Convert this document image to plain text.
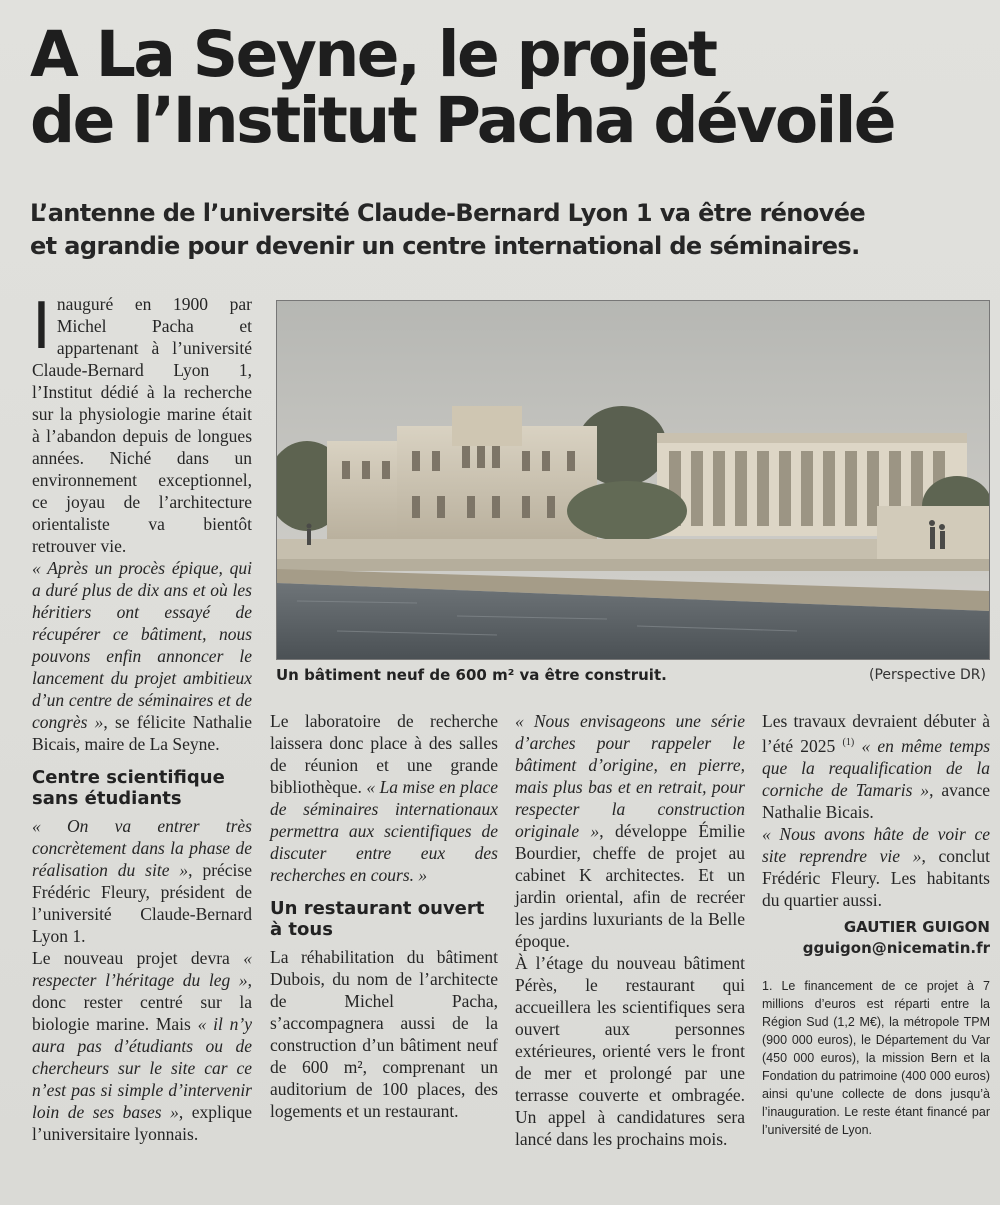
A La Seyne, le projet
de l’Institut Pacha dévoilé
L’antenne de l’université Claude-Bernard Lyon 1 va être rénovée
et agrandie pour devenir un centre international de séminaires.

Inauguré en 1900 par Michel Pacha et appartenant à l’université Claude-Bernard Lyon 1, l’Institut dédié à la recherche sur la physiologie marine était à l’abandon depuis de longues années. Niché dans un environnement exceptionnel, ce joyau de l’architecture orientaliste va bientôt retrouver vie.

« Après un procès épique, qui a duré plus de dix ans et où les héritiers ont essayé de récupérer ce bâtiment, nous pouvons enfin annoncer le lancement du projet ambitieux d’un centre de séminaires et de congrès », se félicite Nathalie Bicais, maire de La Seyne.

Centre scientifique sans étudiants

« On va entrer très concrètement dans la phase de réalisation du site », précise Frédéric Fleury, président de l’université Claude-Bernard Lyon 1.

Le nouveau projet devra « respecter l’héritage du leg », donc rester centré sur la biologie marine. Mais « il n’y aura pas d’étudiants ou de chercheurs sur le site car ce n’est pas si simple d’intervenir loin de ses bases », explique l’universitaire lyonnais.

Un bâtiment neuf de 600 m² va être construit.	(Perspective DR)

Le laboratoire de recherche laissera donc place à des salles de réunion et une grande bibliothèque. « La mise en place de séminaires internationaux permettra aux scientifiques de discuter entre eux des recherches en cours. »

Un restaurant ouvert à tous

La réhabilitation du bâtiment Dubois, du nom de l’architecte de Michel Pacha, s’accompagnera aussi de la construction d’un bâtiment neuf de 600 m², comprenant un auditorium de 100 places, des logements et un restaurant.

« Nous envisageons une série d’arches pour rappeler le bâtiment d’origine, en pierre, mais plus bas et en retrait, pour respecter la construction originale », développe Émilie Bourdier, cheffe de projet au cabinet K architectes. Et un jardin oriental, afin de recréer les jardins luxuriants de la Belle époque.

À l’étage du nouveau bâtiment Pérès, le restaurant qui accueillera les scientifiques sera ouvert aux personnes extérieures, orienté vers le front de mer et prolongé par une terrasse couverte et ombragée. Un appel à candidatures sera lancé dans les prochains mois.

Les travaux devraient débuter à l’été 2025 $^{(1)}$ « en même temps que la requalification de la corniche de Tamaris », avance Nathalie Bicais.

« Nous avons hâte de voir ce site reprendre vie », conclut Frédéric Fleury. Les habitants du quartier aussi.

GAUTIER GUIGON
gguigon@nicematin.fr
1. Le financement de ce projet à 7 millions d’euros est réparti entre la Région Sud (1,2 M€), la métropole TPM (900 000 euros), le Département du Var (450 000 euros), la mission Bern et la Fondation du patrimoine (400 000 euros) ainsi qu’une collecte de dons jusqu’à l’inauguration. Le reste étant financé par l’université de Lyon.
